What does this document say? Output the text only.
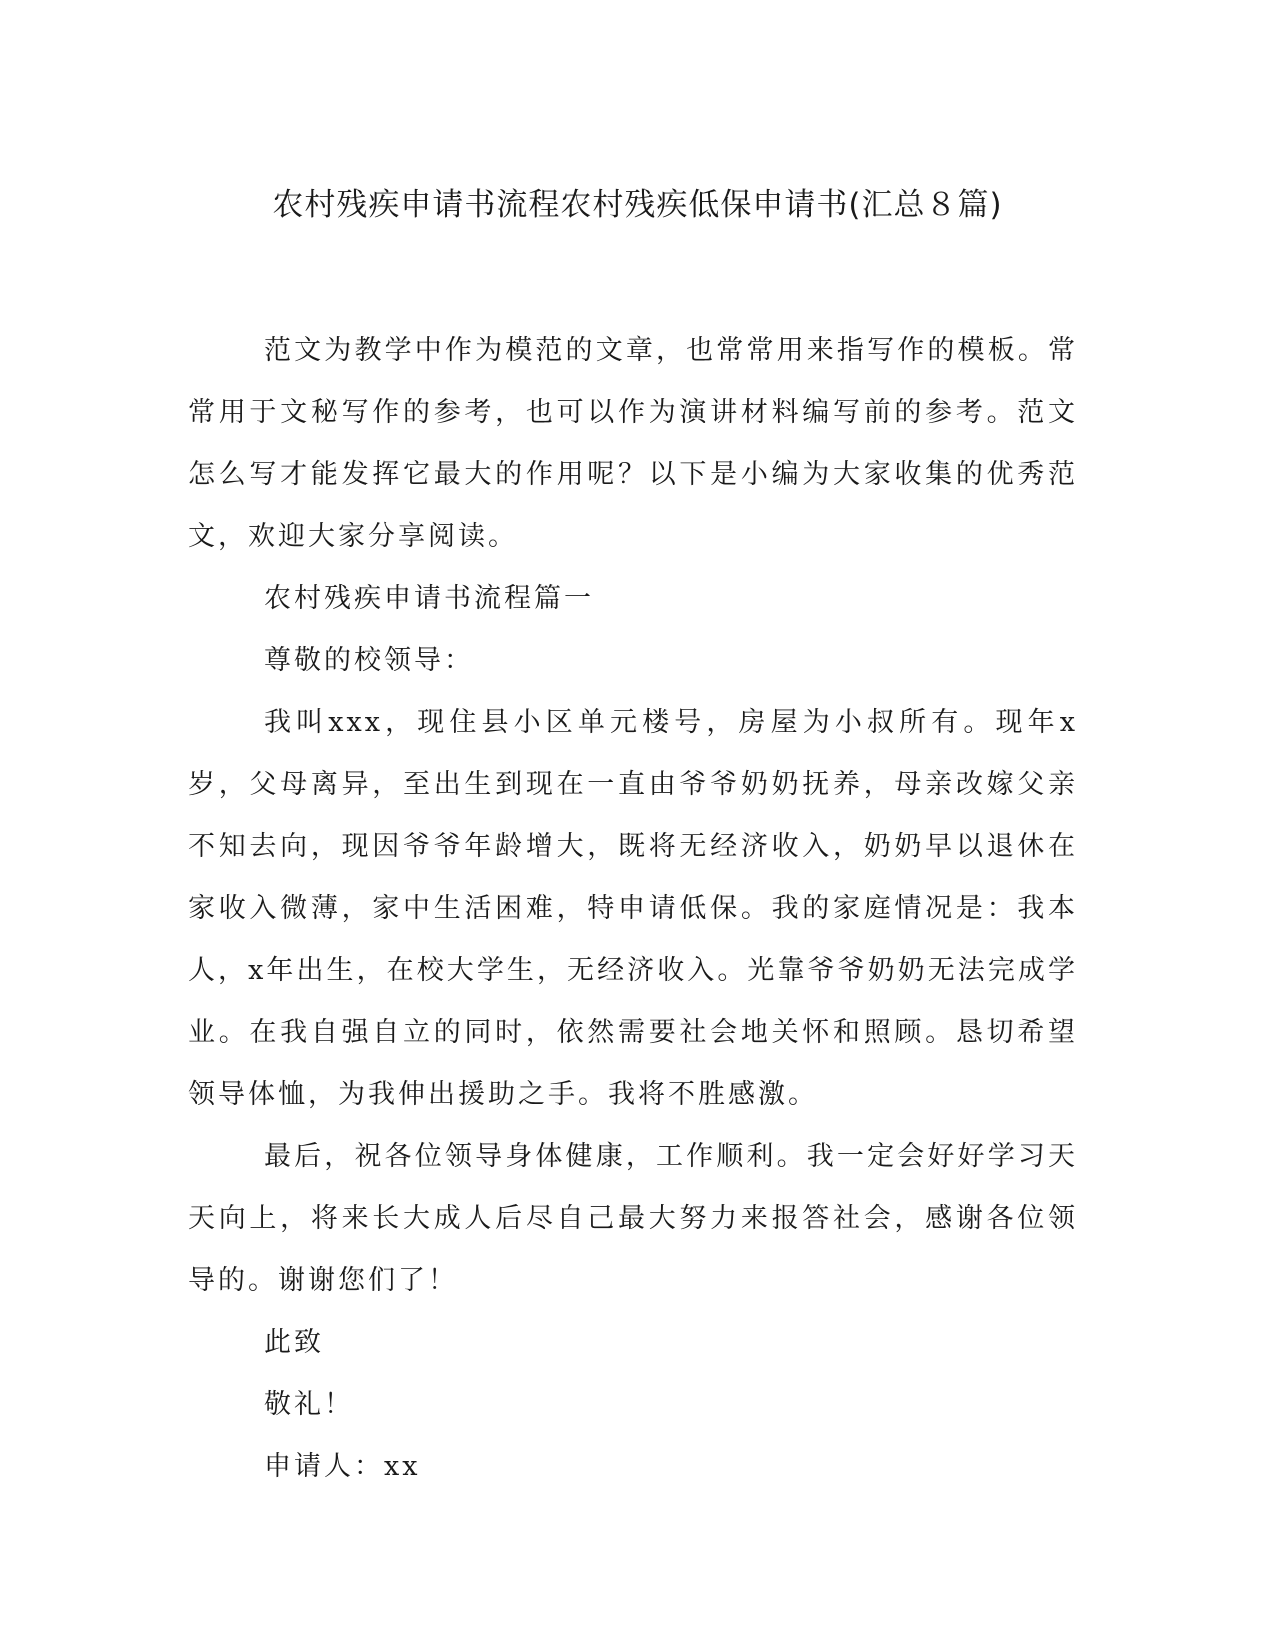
农村残疾申请书流程农村残疾低保申请书(汇总８篇)

范文为教学中作为模范的文章，也常常用来指写作的模板。常常用于文秘写作的参考，也可以作为演讲材料编写前的参考。范文怎么写才能发挥它最大的作用呢？以下是小编为大家收集的优秀范文，欢迎大家分享阅读。

农村残疾申请书流程篇一

尊敬的校领导：

我叫xxx，现住县小区单元楼号，房屋为小叔所有。现年x岁，父母离异，至出生到现在一直由爷爷奶奶抚养，母亲改嫁父亲不知去向，现因爷爷年龄增大，既将无经济收入，奶奶早以退休在家收入微薄，家中生活困难，特申请低保。我的家庭情况是：我本人，x年出生，在校大学生，无经济收入。光靠爷爷奶奶无法完成学业。在我自强自立的同时，依然需要社会地关怀和照顾。恳切希望领导体恤，为我伸出援助之手。我将不胜感激。

最后，祝各位领导身体健康，工作顺利。我一定会好好学习天天向上，将来长大成人后尽自己最大努力来报答社会，感谢各位领导的。谢谢您们了！

此致

敬礼！

申请人：xx
